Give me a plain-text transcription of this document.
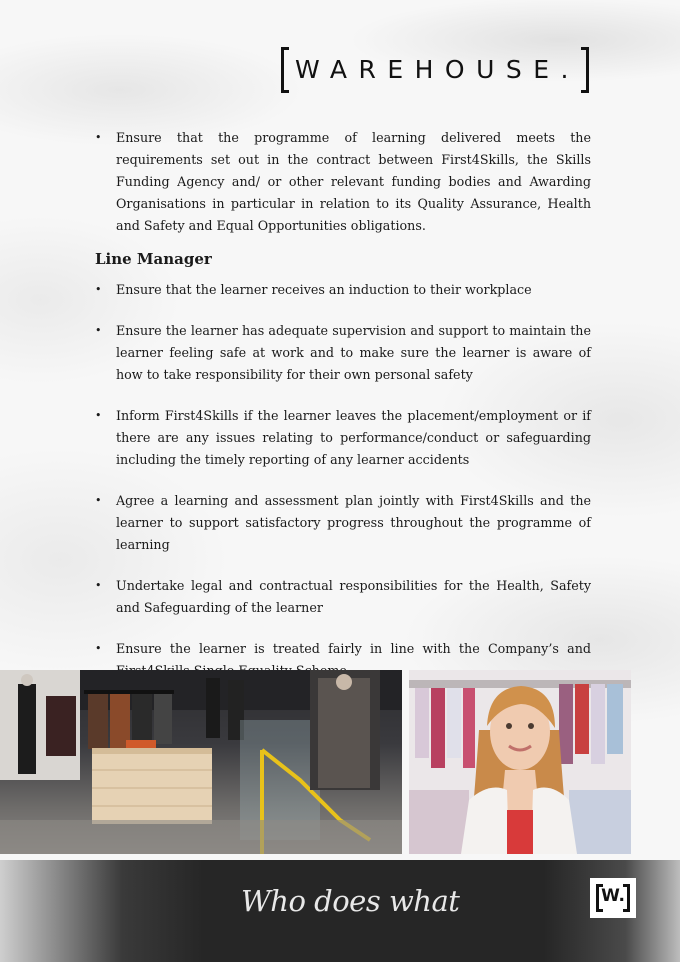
WAREHOUSE.
• Ensure that the programme of learning delivered meets the requirements set out in the contract between First4Skills, the Skills Funding Agency and/ or other relevant funding bodies and Awarding Organisations in particular in relation to its Quality Assurance, Health and Safety and Equal Opportunities obligations.
Line Manager
• Ensure that the learner receives an induction to their workplace
• Ensure the learner has adequate supervision and support to maintain the learner feeling safe at work and to make sure the learner is aware of how to take responsibility for their own personal safety
• Inform First4Skills if the learner leaves the placement/employment or if there are any issues relating to performance/conduct or safeguarding including the timely reporting of any learner accidents
• Agree a learning and assessment plan jointly with First4Skills and the learner to support satisfactory progress throughout the programme of learning
• Undertake legal and contractual responsibilities for the Health, Safety and Safeguarding of the learner
• Ensure the learner is treated fairly in line with the Company’s and
Who does what	W.
